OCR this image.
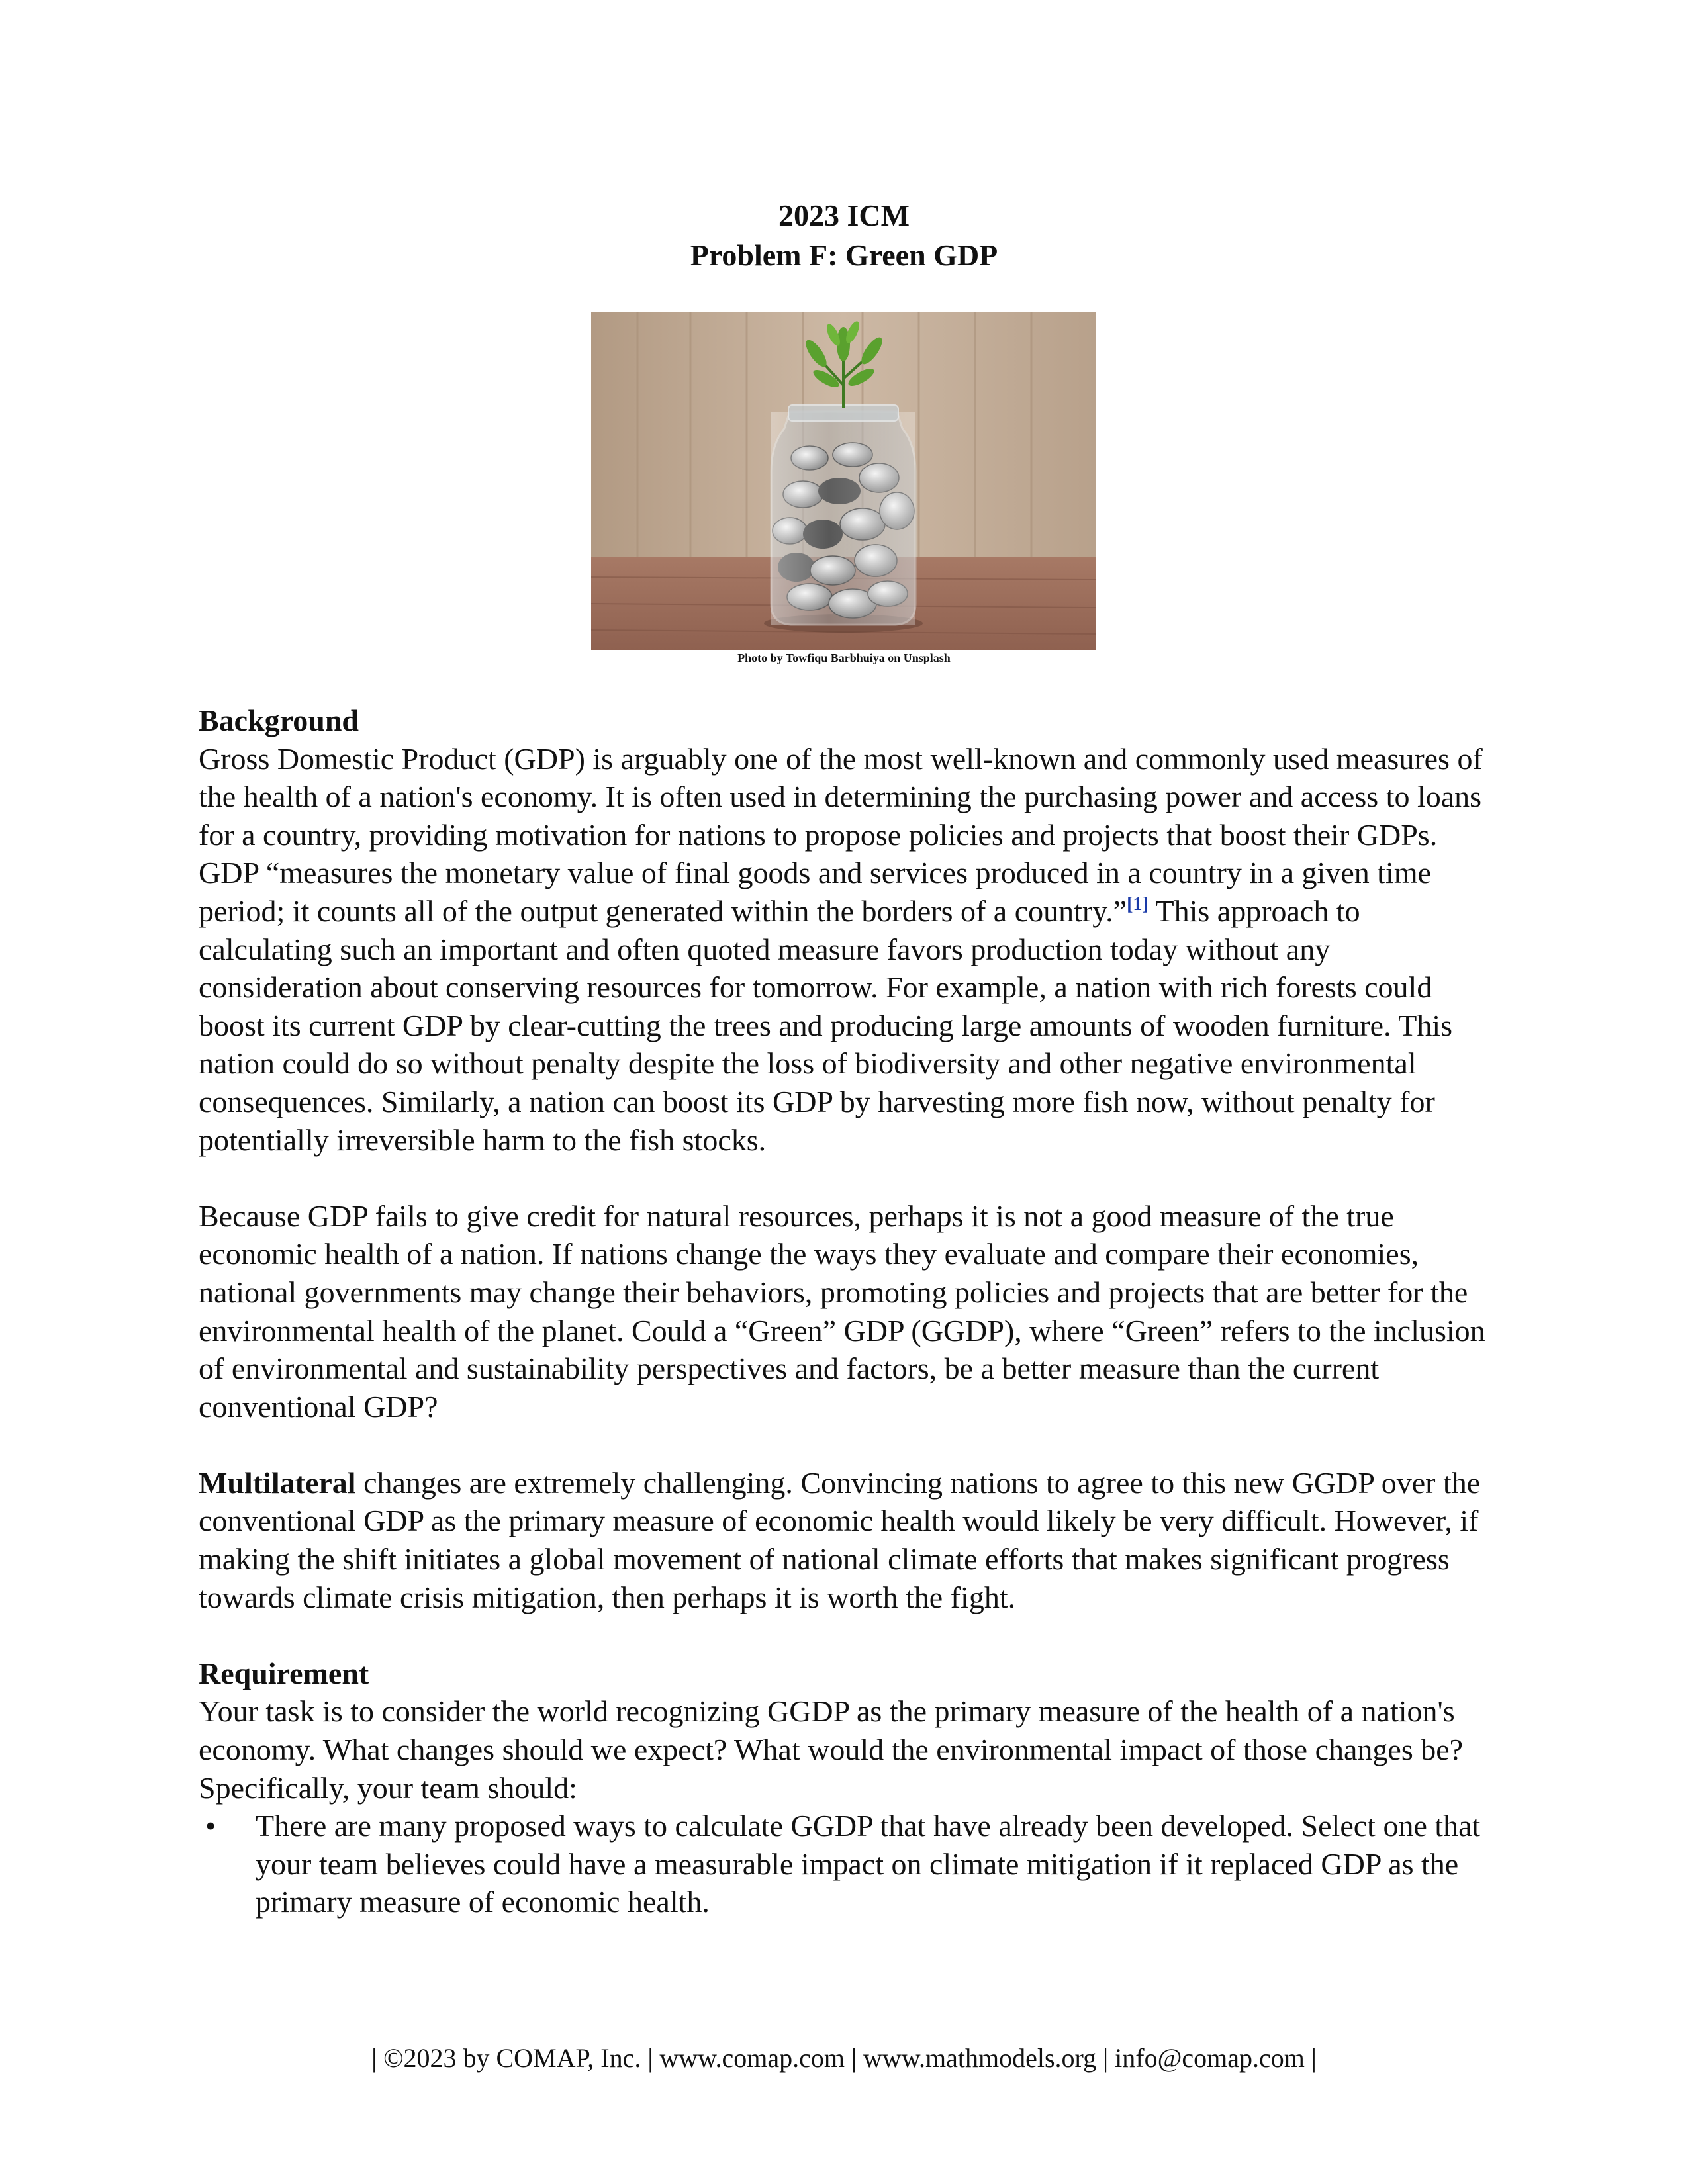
2023 ICM
Problem F: Green GDP
Photo by Towfiqu Barbhuiya on Unsplash

Background

Gross Domestic Product (GDP) is arguably one of the most well-known and commonly used measures of the health of a nation's economy. It is often used in determining the purchasing power and access to loans for a country, providing motivation for nations to propose policies and projects that boost their GDPs. GDP “measures the monetary value of final goods and services produced in a country in a given time period; it counts all of the output generated within the borders of a country.”[1] This approach to calculating such an important and often quoted measure favors production today without any consideration about conserving resources for tomorrow. For example, a nation with rich forests could boost its current GDP by clear-cutting the trees and producing large amounts of wooden furniture. This nation could do so without penalty despite the loss of biodiversity and other negative environmental consequences. Similarly, a nation can boost its GDP by harvesting more fish now, without penalty for potentially irreversible harm to the fish stocks.

Because GDP fails to give credit for natural resources, perhaps it is not a good measure of the true economic health of a nation. If nations change the ways they evaluate and compare their economies, national governments may change their behaviors, promoting policies and projects that are better for the environmental health of the planet. Could a “Green” GDP (GGDP), where “Green” refers to the inclusion of environmental and sustainability perspectives and factors, be a better measure than the current conventional GDP?

Multilateral changes are extremely challenging. Convincing nations to agree to this new GGDP over the conventional GDP as the primary measure of economic health would likely be very difficult. However, if making the shift initiates a global movement of national climate efforts that makes significant progress towards climate crisis mitigation, then perhaps it is worth the fight.

Requirement

Your task is to consider the world recognizing GGDP as the primary measure of the health of a nation's economy. What changes should we expect? What would the environmental impact of those changes be? Specifically, your team should:

• There are many proposed ways to calculate GGDP that have already been developed. Select one that your team believes could have a measurable impact on climate mitigation if it replaced GDP as the primary measure of economic health.
| ©2023 by COMAP, Inc. | www.comap.com | www.mathmodels.org | info@comap.com |
